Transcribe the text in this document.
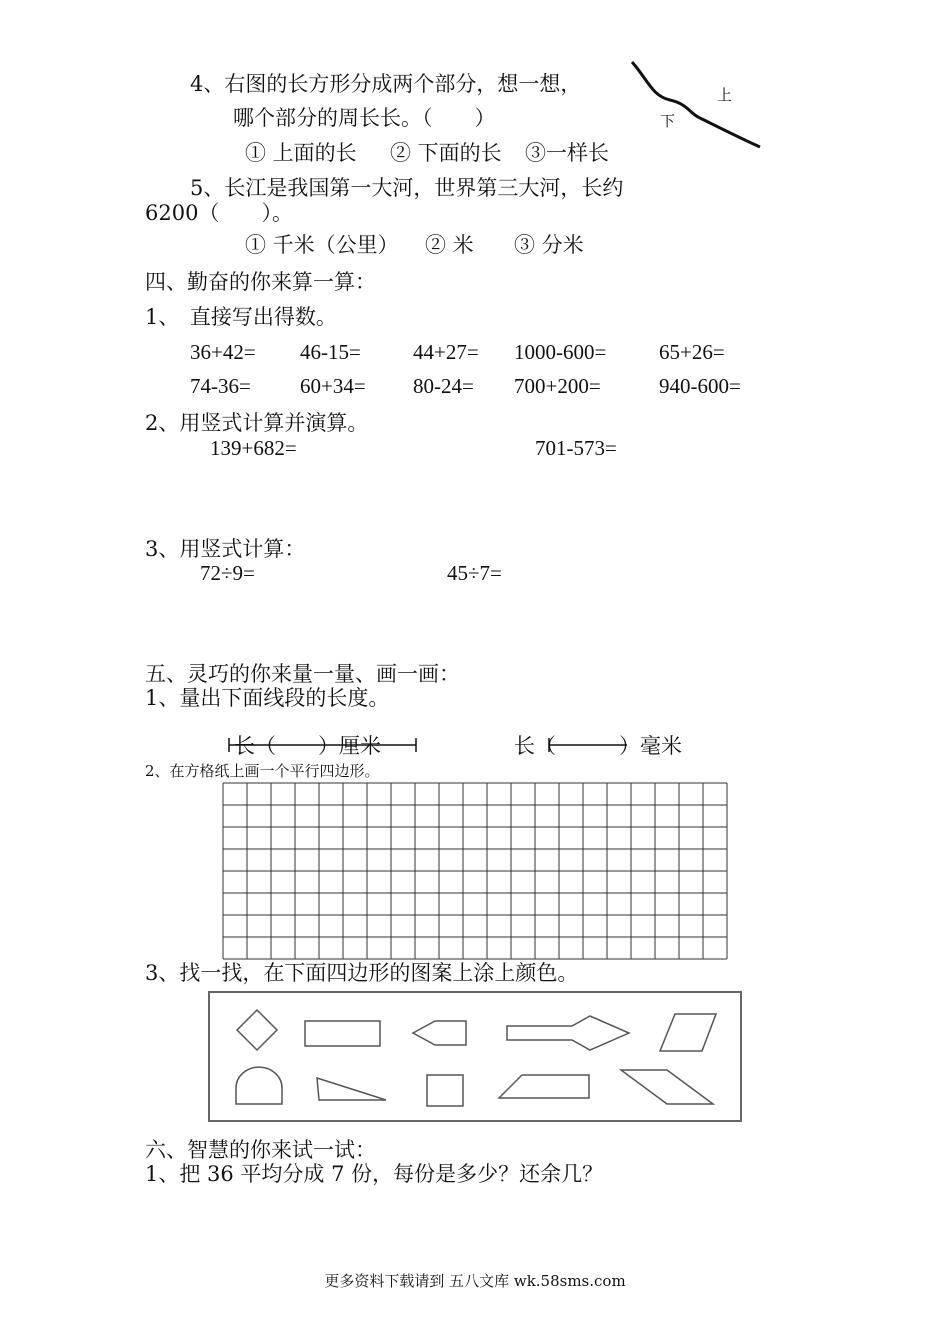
4、右图的长方形分成两个部分，想一想，
哪个部分的周长长。（　　）
① 上面的长 ② 下面的长 ③一样长
上
下
5、长江是我国第一大河，世界第三大河，长约
6200（　　）。
① 千米（公里） ② 米 ③ 分米
四、勤奋的你来算一算：
1、　直接写出得数。
36+42= 46-15= 44+27= 1000-600=	65+26=
74-36= 60+34= 80-24= 700+200=	940-600=
2、用竖式计算并演算。
139+682=	701-573=
3、用竖式计算：
72÷9=	45÷7=
五、灵巧的你来量一量、画一画：
1、量出下面线段的长度。
长（　　）厘米	长（　　　）毫米
2、在方格纸上画一个平行四边形。
3、找一找，在下面四边形的图案上涂上颜色。
六、智慧的你来试一试：
1、把 36 平均分成 7 份，每份是多少？还余几？
更多资料下载请到 五八文库 wk.58sms.com
